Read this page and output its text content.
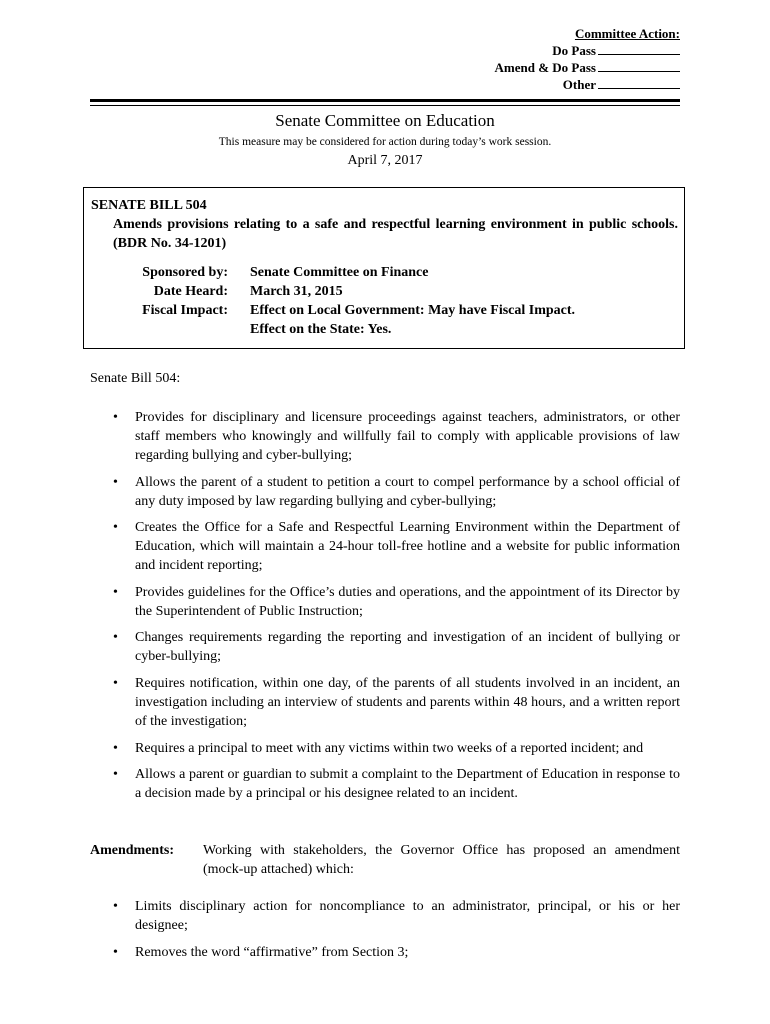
Committee Action:
Do Pass
Amend & Do Pass
Other
Senate Committee on Education
This measure may be considered for action during today’s work session.
April 7, 2017
SENATE BILL 504
Amends provisions relating to a safe and respectful learning environment in public schools. (BDR No. 34-1201)
Sponsored by: Senate Committee on Finance
Date Heard: March 31, 2015
Fiscal Impact: Effect on Local Government: May have Fiscal Impact.
Effect on the State: Yes.
Senate Bill 504:
•	Provides for disciplinary and licensure proceedings against teachers, administrators, or other staff members who knowingly and willfully fail to comply with applicable provisions of law regarding bullying and cyber-bullying;
•	Allows the parent of a student to petition a court to compel performance by a school official of any duty imposed by law regarding bullying and cyber-bullying;
•	Creates the Office for a Safe and Respectful Learning Environment within the Department of Education, which will maintain a 24-hour toll-free hotline and a website for public information and incident reporting;
•	Provides guidelines for the Office’s duties and operations, and the appointment of its Director by the Superintendent of Public Instruction;
•	Changes requirements regarding the reporting and investigation of an incident of bullying or cyber-bullying;
•	Requires notification, within one day, of the parents of all students involved in an incident, an investigation including an interview of students and parents within 48 hours, and a written report of the investigation;
•	Requires a principal to meet with any victims within two weeks of a reported incident; and
•	Allows a parent or guardian to submit a complaint to the Department of Education in response to a decision made by a principal or his designee related to an incident.
Amendments:	Working with stakeholders, the Governor Office has proposed an amendment (mock-up attached) which:
•	Limits disciplinary action for noncompliance to an administrator, principal, or his or her designee;
•	Removes the word “affirmative” from Section 3;
